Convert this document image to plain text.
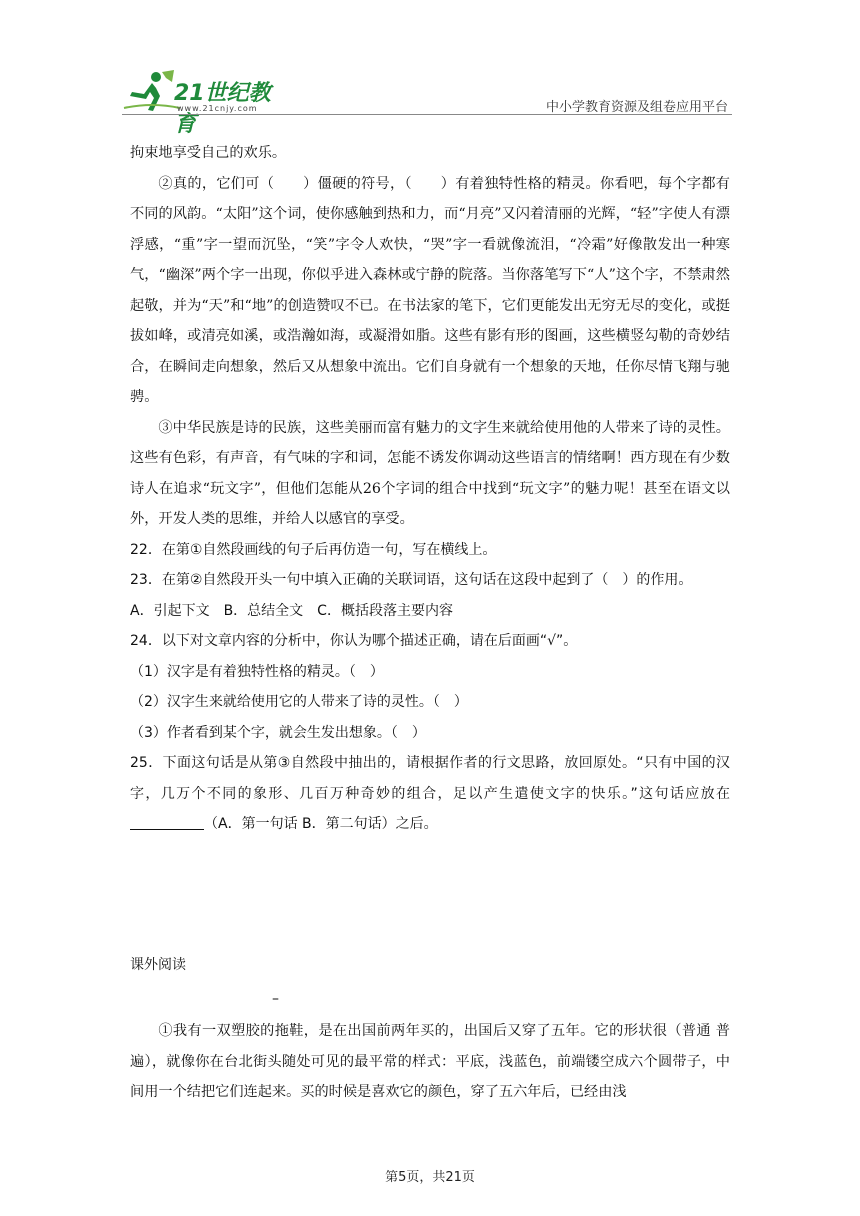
21世纪教育
www.21cnjy.com	中小学教育资源及组卷应用平台

拘束地享受自己的欢乐。

②真的，它们可（　　）僵硬的符号，（　　）有着独特性格的精灵。你看吧，每个字都有不同的风韵。“太阳”这个词，使你感触到热和力，而“月亮”又闪着清丽的光辉，“轻”字使人有漂浮感，“重”字一望而沉坠，“笑”字令人欢快，“哭”字一看就像流泪，“冷霜”好像散发出一种寒气，“幽深”两个字一出现，你似乎进入森林或宁静的院落。当你落笔写下“人”这个字，不禁肃然起敬，并为“天”和“地”的创造赞叹不已。在书法家的笔下，它们更能发出无穷无尽的变化，或挺拔如峰，或清亮如溪，或浩瀚如海，或凝滑如脂。这些有影有形的图画，这些横竖勾勒的奇妙结合，在瞬间走向想象，然后又从想象中流出。它们自身就有一个想象的天地，任你尽情飞翔与驰骋。

③中华民族是诗的民族，这些美丽而富有魅力的文字生来就给使用他的人带来了诗的灵性。这些有色彩，有声音，有气味的字和词，怎能不诱发你调动这些语言的情绪啊！西方现在有少数诗人在追求“玩文字”，但他们怎能从26个字词的组合中找到“玩文字”的魅力呢！甚至在语文以外，开发人类的思维，并给人以感官的享受。

22．在第①自然段画线的句子后再仿造一句，写在横线上。

23．在第②自然段开头一句中填入正确的关联词语，这句话在这段中起到了（　）的作用。

A．引起下文　B．总结全文　C．概括段落主要内容

24．以下对文章内容的分析中，你认为哪个描述正确，请在后面画“√”。

（1）汉字是有着独特性格的精灵。（　）

（2）汉字生来就给使用它的人带来了诗的灵性。（　）

（3）作者看到某个字，就会生发出想象。（　）

25．下面这句话是从第③自然段中抽出的，请根据作者的行文思路，放回原处。“只有中国的汉字，几万个不同的象形、几百万种奇妙的组合，足以产生遣使文字的快乐。”这句话应放在（A．第一句话 B．第二句话）之后。

课外阅读

–

①我有一双塑胶的拖鞋，是在出国前两年买的，出国后又穿了五年。它的形状很（普通 普遍），就像你在台北街头随处可见的最平常的样式：平底，浅蓝色，前端镂空成六个圆带子，中间用一个结把它们连起来。买的时候是喜欢它的颜色，穿了五六年后，已经由浅

第5页，共21页
